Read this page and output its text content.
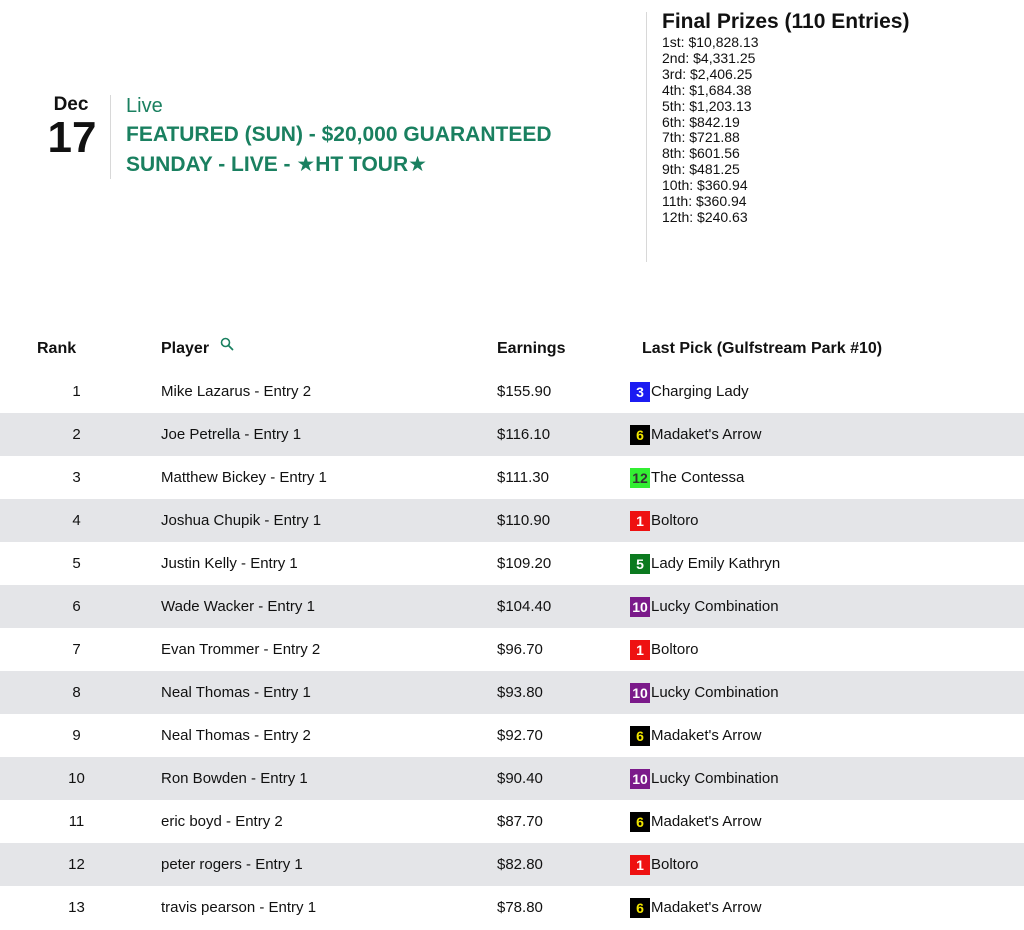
Dec
17
Live
FEATURED (SUN) - $20,000 GUARANTEED
SUNDAY - LIVE - ★HT TOUR★
Final Prizes (110 Entries)
1st: $10,828.13
2nd: $4,331.25
3rd: $2,406.25
4th: $1,684.38
5th: $1,203.13
6th: $842.19
7th: $721.88
8th: $601.56
9th: $481.25
10th: $360.94
11th: $360.94
12th: $240.63
Rank	Player	Earnings	Last Pick (Gulfstream Park #10)
1	Mike Lazarus - Entry 2	$155.90	3 Charging Lady

2	Joe Petrella - Entry 1	$116.10	6 Madaket's Arrow

3	Matthew Bickey - Entry 1	$111.30	12 The Contessa

4	Joshua Chupik - Entry 1	$110.90	1 Boltoro

5	Justin Kelly - Entry 1	$109.20	5 Lady Emily Kathryn

6	Wade Wacker - Entry 1	$104.40	10 Lucky Combination

7	Evan Trommer - Entry 2	$96.70	1 Boltoro

8	Neal Thomas - Entry 1	$93.80	10 Lucky Combination

9	Neal Thomas - Entry 2	$92.70	6 Madaket's Arrow

10	Ron Bowden - Entry 1	$90.40	10 Lucky Combination

11	eric boyd - Entry 2	$87.70	6 Madaket's Arrow

12	peter rogers - Entry 1	$82.80	1 Boltoro

13	travis pearson - Entry 1	$78.80	6 Madaket's Arrow
